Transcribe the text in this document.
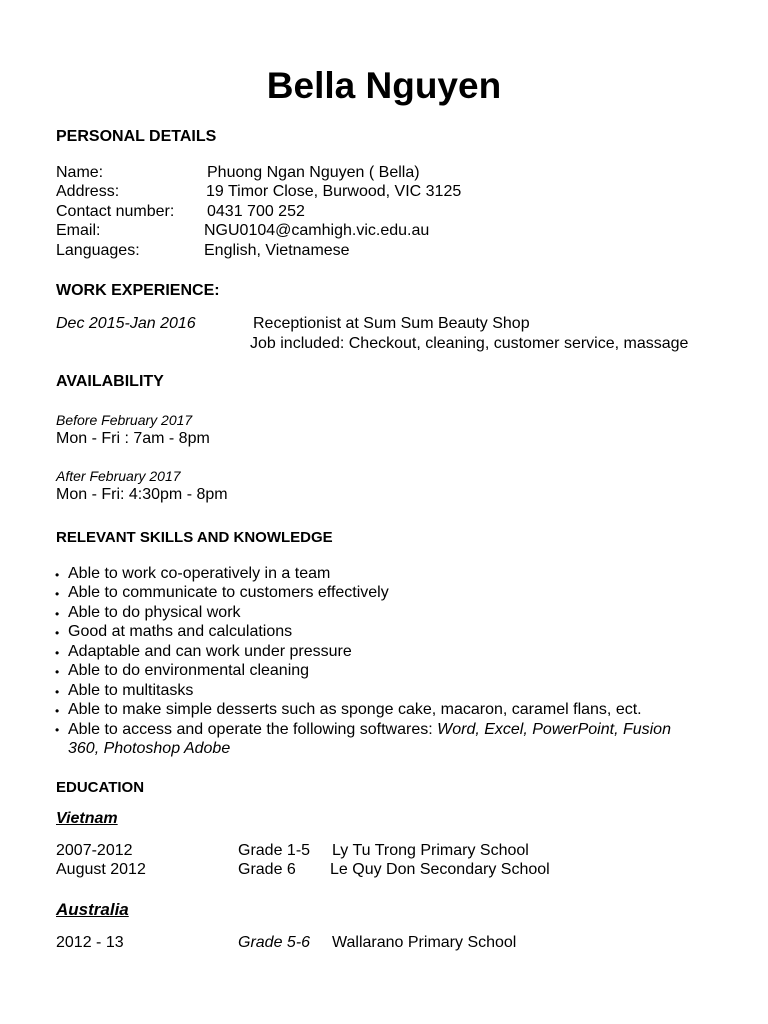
Bella Nguyen
PERSONAL DETAILS
Name:	Phuong Ngan Nguyen ( Bella)
Address:	19 Timor Close, Burwood, VIC 3125
Contact number: 0431 700 252
Email:	NGU0104@camhigh.vic.edu.au
Languages:	English, Vietnamese
WORK EXPERIENCE:
Dec 2015-Jan 2016	Receptionist at Sum Sum Beauty Shop
Job included: Checkout, cleaning, customer service, massage
AVAILABILITY
Before February 2017
Mon - Fri : 7am - 8pm
After February 2017
Mon - Fri: 4:30pm - 8pm
RELEVANT SKILLS AND KNOWLEDGE
• Able to work co-operatively in a team
• Able to communicate to customers effectively
• Able to do physical work
• Good at maths and calculations
• Adaptable and can work under pressure
• Able to do environmental cleaning
• Able to multitasks
• Able to make simple desserts such as sponge cake, macaron, caramel flans, ect.
• Able to access and operate the following softwares: Word, Excel, PowerPoint, Fusion
360, Photoshop Adobe
EDUCATION
Vietnam
2007-2012	Grade 1-5 Ly Tu Trong Primary School
August 2012	Grade 6 Le Quy Don Secondary School
Australia
2012 - 13	Grade 5-6 Wallarano Primary School
